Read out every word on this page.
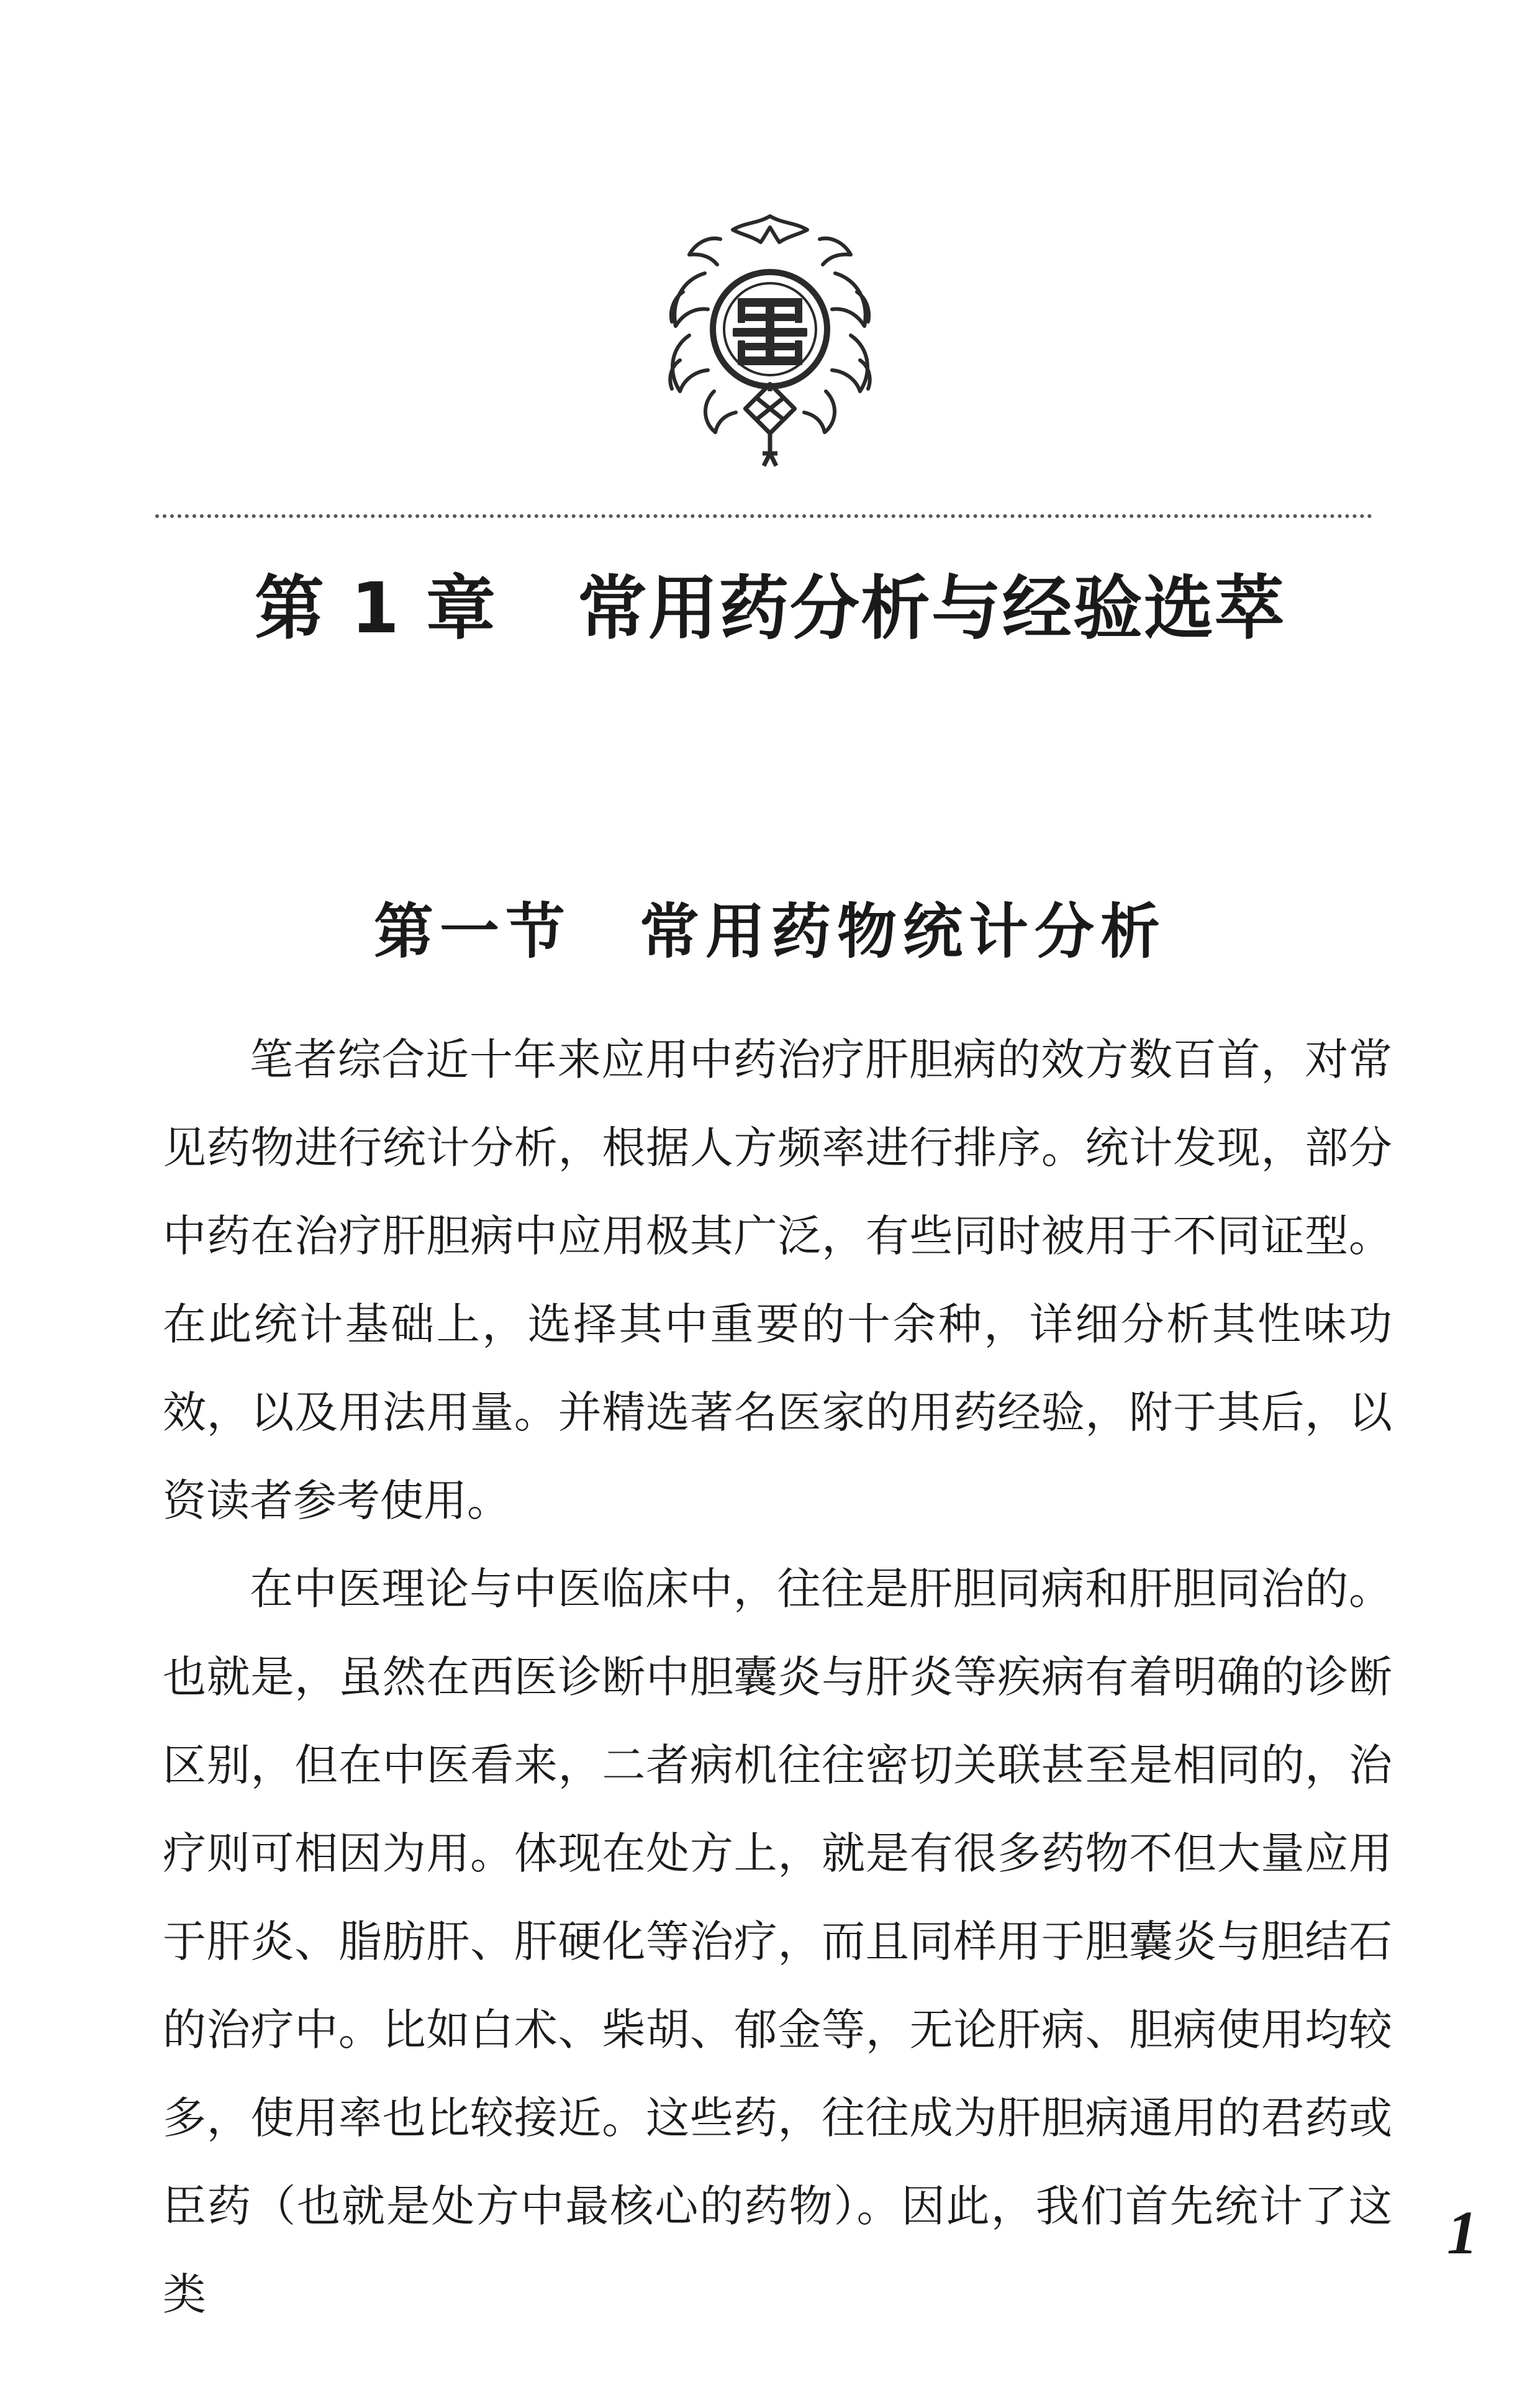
第 1 章 常用药分析与经验选萃
第一节 常用药物统计分析

笔者综合近十年来应用中药治疗肝胆病的效方数百首，对常见药物进行统计分析，根据人方频率进行排序。统计发现，部分中药在治疗肝胆病中应用极其广泛，有些同时被用于不同证型。在此统计基础上，选择其中重要的十余种，详细分析其性味功效，以及用法用量。并精选著名医家的用药经验，附于其后，以资读者参考使用。

在中医理论与中医临床中，往往是肝胆同病和肝胆同治的。也就是，虽然在西医诊断中胆囊炎与肝炎等疾病有着明确的诊断区别，但在中医看来，二者病机往往密切关联甚至是相同的，治疗则可相因为用。体现在处方上，就是有很多药物不但大量应用于肝炎、脂肪肝、肝硬化等治疗，而且同样用于胆囊炎与胆结石的治疗中。比如白术、柴胡、郁金等，无论肝病、胆病使用均较多，使用率也比较接近。这些药，往往成为肝胆病通用的君药或臣药（也就是处方中最核心的药物）。因此，我们首先统计了这类

1
